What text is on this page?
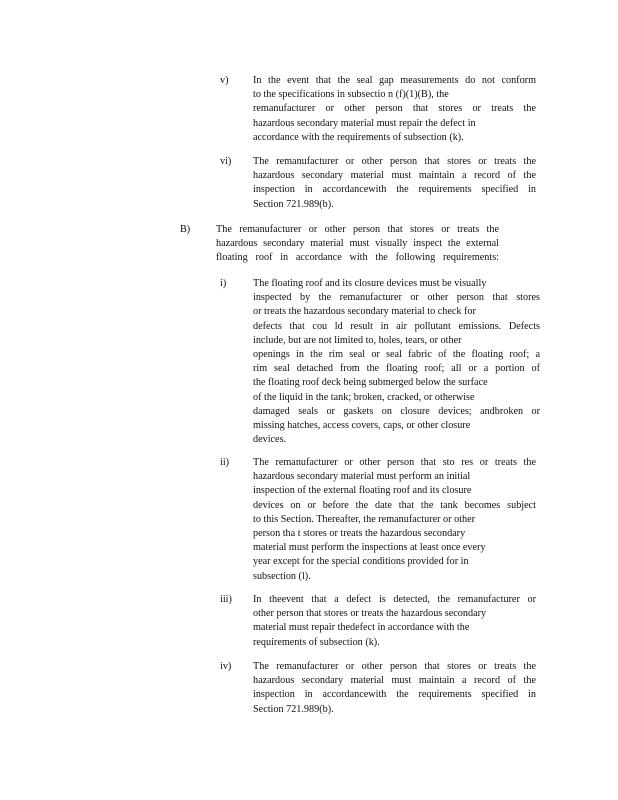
v) In the event that the seal gap measurements do not conform
to the specifications in subsectio n (f)(1)(B), the
remanufacturer or other person that stores or treats the
hazardous secondary material must repair the defect in
accordance with the requirements of subsection (k).
vi) The remanufacturer or other person that stores or treats the
hazardous secondary material must maintain a record of the
inspection in accordancewith the requirements specified in
Section 721.989(b).
B)	The remanufacturer or other person that stores or treats the
hazardous secondary material must visually inspect the external
floating roof in accordance with the following requirements:
i)	The floating roof and its closure devices must be visually
inspected by the remanufacturer or other person that stores
or treats the hazardous secondary material to check for
defects that cou ld result in air pollutant emissions. Defects
include, but are not limited to, holes, tears, or other
openings in the rim seal or seal fabric of the floating roof; a
rim seal detached from the floating roof; all or a portion of
the floating roof deck being submerged below the surface
of the liquid in the tank; broken, cracked, or otherwise
damaged seals or gaskets on closure devices; andbroken or
missing hatches, access covers, caps, or other closure
devices.
ii) The remanufacturer or other person that sto res or treats the
hazardous secondary material must perform an initial
inspection of the external floating roof and its closure
devices on or before the date that the tank becomes subject
to this Section. Thereafter, the remanufacturer or other
person tha t stores or treats the hazardous secondary
material must perform the inspections at least once every
year except for the special conditions provided for in
subsection (l).
iii) In theevent that a defect is detected, the remanufacturer or
other person that stores or treats the hazardous secondary
material must repair thedefect in accordance with the
requirements of subsection (k).
iv) The remanufacturer or other person that stores or treats the
hazardous secondary material must maintain a record of the
inspection in accordancewith the requirements specified in
Section 721.989(b).
